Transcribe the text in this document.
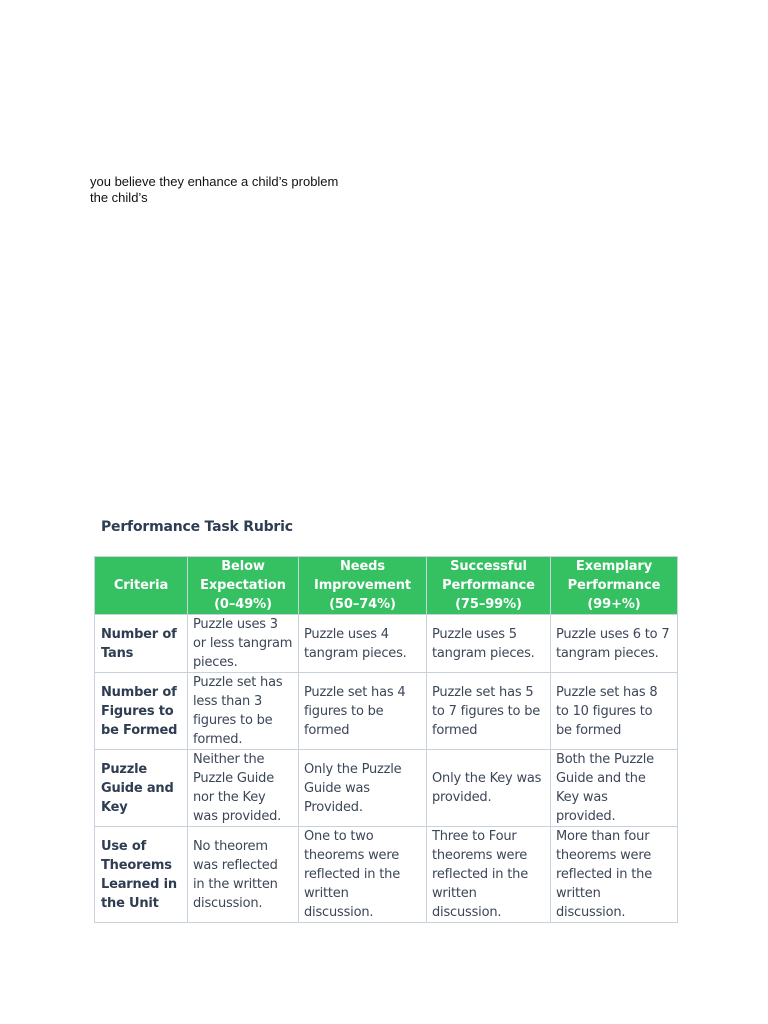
you believe they enhance a child’s problem
the child’s
Performance Task Rubric
Criteria	Below
Expectation
(0–49%)	Needs
Improvement
(50–74%)	Successful
Performance
(75–99%)	Exemplary
Performance
(99+%)

Number of
Tans	Puzzle uses 3
or less tangram
pieces.	Puzzle uses 4
tangram pieces.	Puzzle uses 5
tangram pieces.	Puzzle uses 6 to 7
tangram pieces.

Number of
Figures to
be Formed	Puzzle set has
less than 3
figures to be
formed.	Puzzle set has 4
figures to be
formed	Puzzle set has 5
to 7 figures to be
formed	Puzzle set has 8
to 10 figures to
be formed

Puzzle
Guide and
Key	Neither the
Puzzle Guide
nor the Key
was provided.	Only the Puzzle
Guide was
Provided.	Only the Key was
provided.	Both the Puzzle
Guide and the
Key was
provided.

Use of
Theorems
Learned in
the Unit	No theorem
was reflected
in the written
discussion.	One to two
theorems were
reflected in the
written
discussion.	Three to Four
theorems were
reflected in the
written
discussion.	More than four
theorems were
reflected in the
written
discussion.
